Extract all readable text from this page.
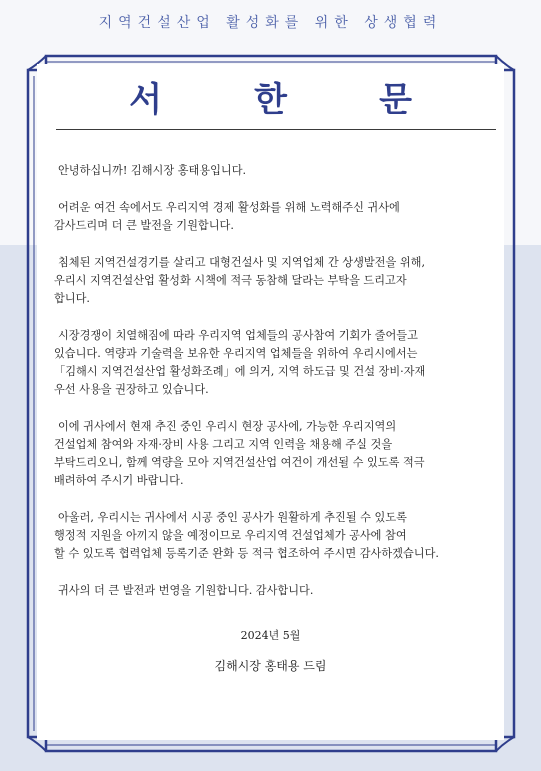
지역건설산업 활성화를 위한 상생협력
서	한	문

안녕하십니까! 김해시장 홍태용입니다.

어려운 여건 속에서도 우리지역 경제 활성화를 위해 노력해주신 귀사에
감사드리며 더 큰 발전을 기원합니다.

침체된 지역건설경기를 살리고 대형건설사 및 지역업체 간 상생발전을 위해,
우리시 지역건설산업 활성화 시책에 적극 동참해 달라는 부탁을 드리고자
합니다.

시장경쟁이 치열해짐에 따라 우리지역 업체들의 공사참여 기회가 줄어들고
있습니다. 역량과 기술력을 보유한 우리지역 업체들을 위하여 우리시에서는
「김해시 지역건설산업 활성화조례」에 의거, 지역 하도급 및 건설 장비·자재
우선 사용을 권장하고 있습니다.

이에 귀사에서 현재 추진 중인 우리시 현장 공사에, 가능한 우리지역의
건설업체 참여와 자재·장비 사용 그리고 지역 인력을 채용해 주실 것을
부탁드리오니, 함께 역량을 모아 지역건설산업 여건이 개선될 수 있도록 적극
배려하여 주시기 바랍니다.

아울러, 우리시는 귀사에서 시공 중인 공사가 원활하게 추진될 수 있도록
행정적 지원을 아끼지 않을 예정이므로 우리지역 건설업체가 공사에 참여
할 수 있도록 협력업체 등록기준 완화 등 적극 협조하여 주시면 감사하겠습니다.

귀사의 더 큰 발전과 번영을 기원합니다. 감사합니다.

2024년 5월
김해시장 홍태용 드림
